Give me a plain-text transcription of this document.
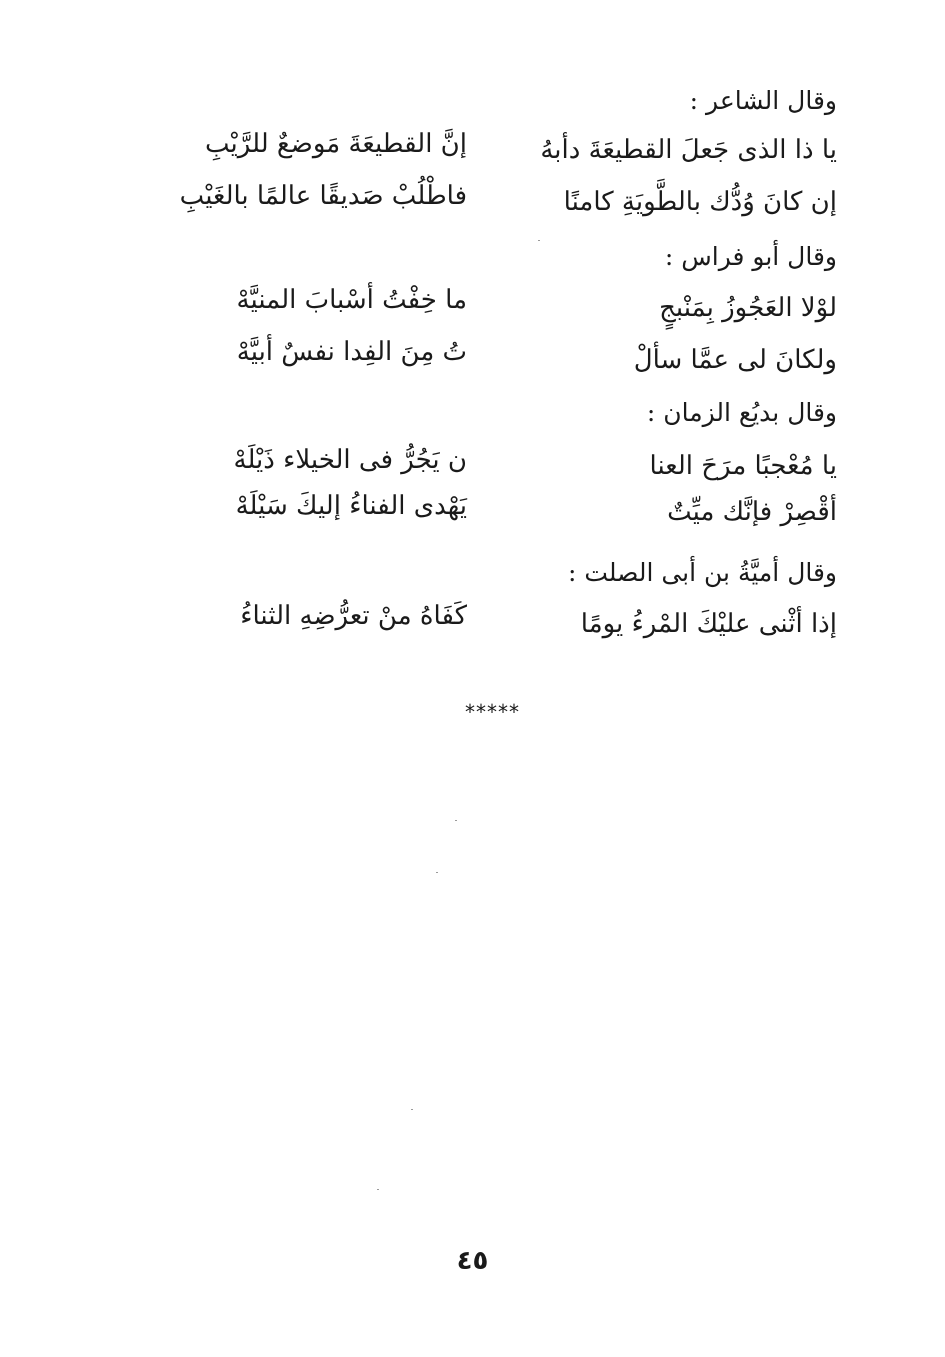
وقال الشاعر :
يا ذا الذى جَعلَ القطيعَةَ دأبهُ
إنَّ القطيعَةَ مَوضعٌ للرَّيْبِ
إن كانَ وُدُّك بالطَّويَةِ كامنًا
فاطْلُبْ صَديقًا عالمًا بالغَيْبِ
وقال أبو فراس :
لوْلا العَجُوزُ بِمَنْبجٍ
ما خِفْتُ أسْبابَ المنيَّهْ
ولكانَ لى عمَّا سألْ
تُ مِنَ الفِدا نفسٌ أبيَّهْ
وقال بديُع الزمان :
يا مُعْجبًا مرَحَ العنا
ن يَجُرُّ فى الخيلاء ذَيْلَهْ
أقْصِرْ فإنَّك ميِّتٌ
يَهْدى الفناءُ إليكَ سَيْلَهْ
وقال أميَّةُ بن أبى الصلت :
إذا أثْنى عليْكَ المْرءُ يومًا
كَفَاهُ منْ تعرُّضِهِ الثناءُ
*****
٤٥
